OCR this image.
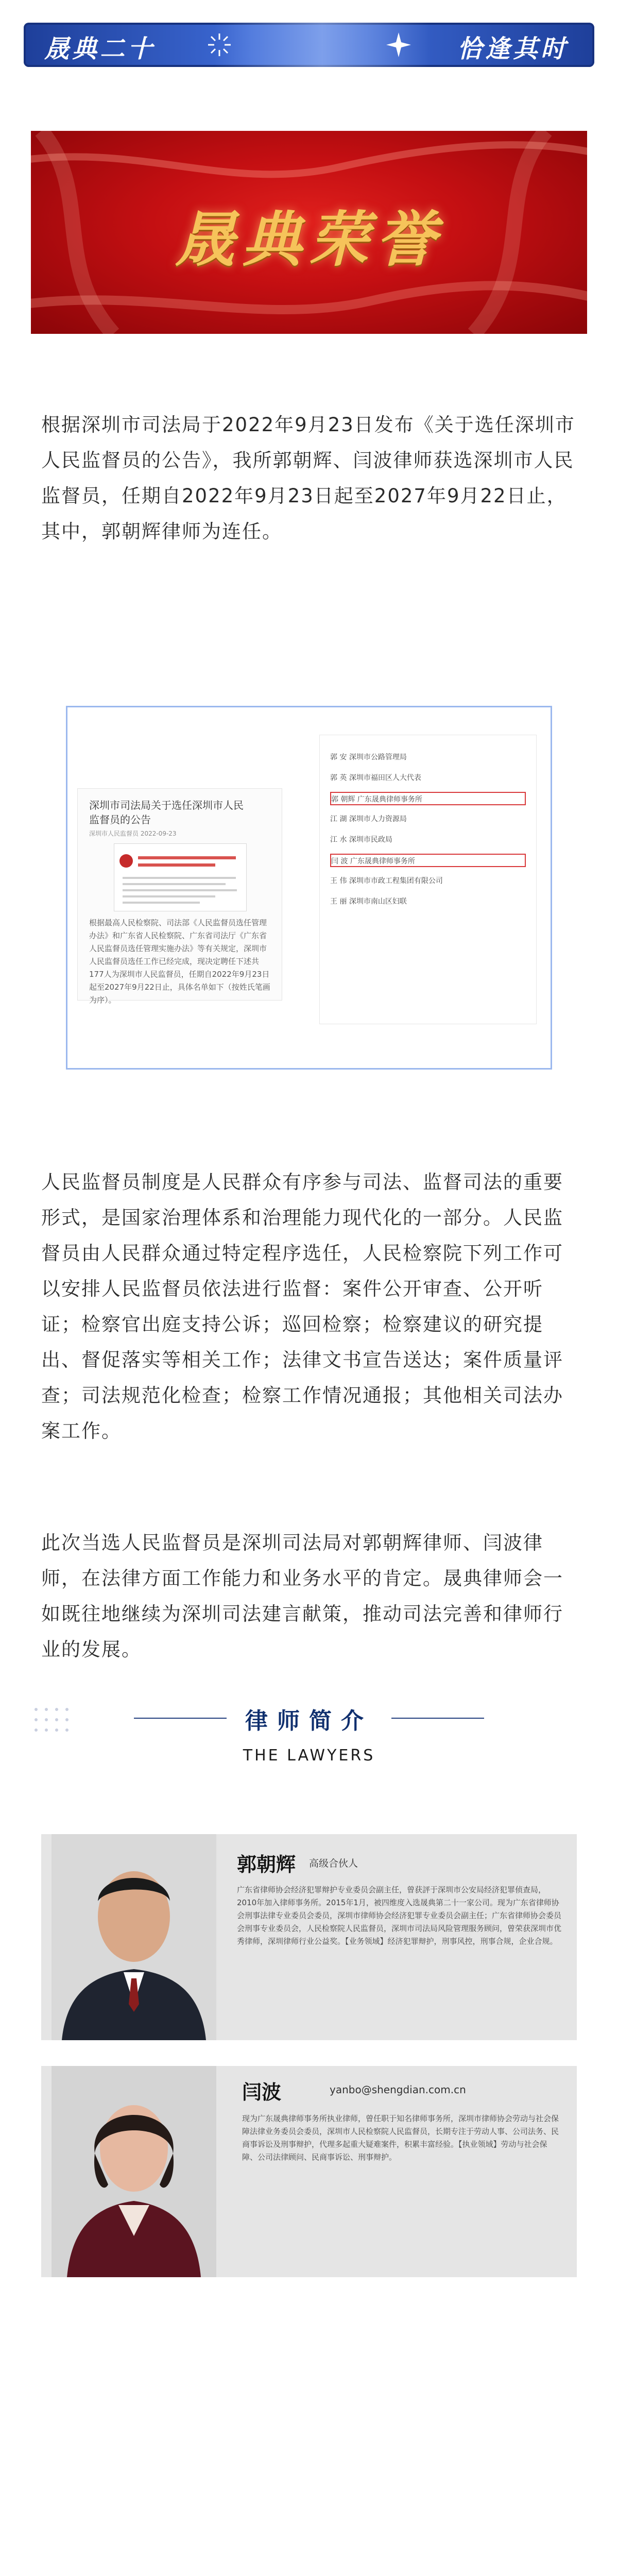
晟典二十	恰逢其时
晟典荣誉

根据深圳市司法局于2022年9月23日发布《关于选任深圳市人民监督员的公告》，我所郭朝辉、闫波律师获选深圳市人民监督员，任期自2022年9月23日起至2027年9月22日止，其中，郭朝辉律师为连任。

深圳市司法局关于选任深圳市人民监督员的公告
深圳市人民监督员 2022-09-23
根据最高人民检察院、司法部《人民监督员选任管理办法》和广东省人民检察院、广东省司法厅《广东省人民监督员选任管理实施办法》等有关规定，深圳市人民监督员选任工作已经完成，现决定聘任下述共177人为深圳市人民监督员，任期自2022年9月23日起至2027年9月22日止，具体名单如下（按姓氏笔画为序）。
郭 安 深圳市公路管理局
郭 英 深圳市福田区人大代表
郭 朝辉 广东晟典律师事务所
江 湖 深圳市人力资源局
江 水 深圳市民政局
闫 波 广东晟典律师事务所
王 伟 深圳市市政工程集团有限公司
王 丽 深圳市南山区妇联

人民监督员制度是人民群众有序参与司法、监督司法的重要形式，是国家治理体系和治理能力现代化的一部分。人民监督员由人民群众通过特定程序选任，人民检察院下列工作可以安排人民监督员依法进行监督：案件公开审查、公开听证；检察官出庭支持公诉；巡回检察；检察建议的研究提出、督促落实等相关工作；法律文书宣告送达；案件质量评查；司法规范化检查；检察工作情况通报；其他相关司法办案工作。

此次当选人民监督员是深圳司法局对郭朝辉律师、闫波律师，在法律方面工作能力和业务水平的肯定。晟典律师会一如既往地继续为深圳司法建言献策，推动司法完善和律师行业的发展。

律师简介
THE LAWYERS
郭朝辉 高级合伙人
广东省律师协会经济犯罪辩护专业委员会副主任，曾获評于深圳市公安局经济犯罪侦查局，2010年加入律师事务所。2015年1月，被四维度入选晟典第二十一家公司。现为广东省律师协会刑事法律专业委员会委员，深圳市律师协会经济犯罪专业委员会副主任；广东省律师协会委员会刑事专业委员会，人民检察院人民监督员，深圳市司法局风险管理服务顾问，曾荣获深圳市优秀律师，深圳律师行业公益奖。【业务领域】经济犯罪辩护，刑事风控，刑事合规，企业合规。
闫波	yanbo@shengdian.com.cn
现为广东晟典律师事务所执业律师，曾任职于知名律师事务所，深圳市律师协会劳动与社会保障法律业务委员会委员，深圳市人民检察院人民监督员，长期专注于劳动人事、公司法务、民商事诉讼及刑事辩护，代理多起重大疑难案件，积累丰富经验。【执业领域】劳动与社会保障、公司法律顾问、民商事诉讼、刑事辩护。
